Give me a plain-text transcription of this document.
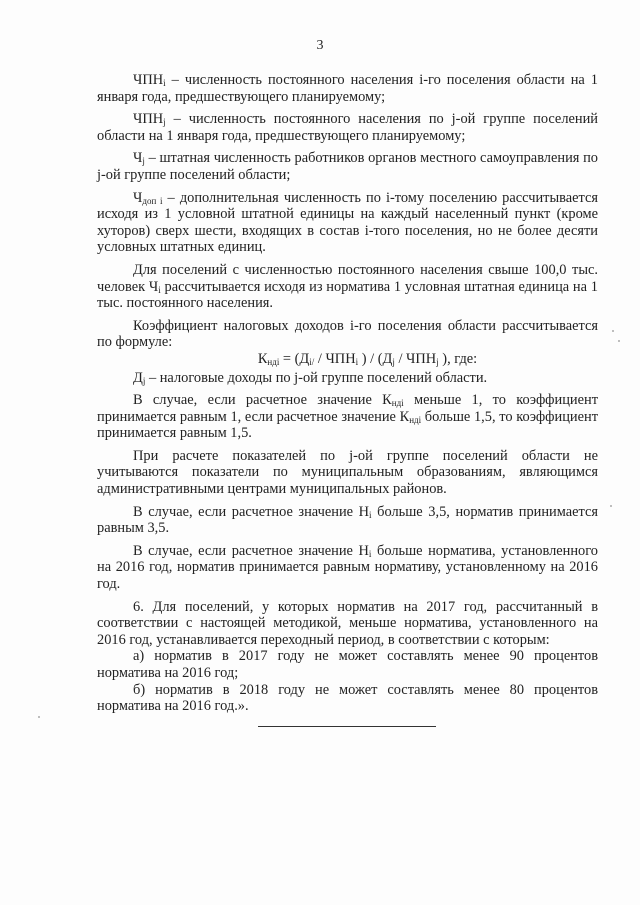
3

$ЧПН_i$ – численность постоянного населения i-го поселения области на 1 января года, предшествующего планируемому;

$ЧПН_j$ – численность постоянного населения по j-ой группе поселений области на 1 января года, предшествующего планируемому;

$Ч_j$ – штатная численность работников органов местного самоуправления по j-ой группе поселений области;

$Ч_{доп i}$ – дополнительная численность по i-тому поселению рассчитывается исходя из 1 условной штатной единицы на каждый населенный пункт (кроме хуторов) сверх шести, входящих в состав i-того поселения, но не более десяти условных штатных единиц.

Для поселений с численностью постоянного населения свыше 100,0 тыс. человек $Ч_i$ рассчитывается исходя из норматива 1 условная штатная единица на 1 тыс. постоянного населения.

Коэффициент налоговых доходов i-го поселения области рассчитывается по формуле:

$К_{ндi} = (Д_{i/} / ЧПН_i$ ) / ($Д_j / ЧПН_j$ ), где:

$Д_j$ – налоговые доходы по j-ой группе поселений области.

В случае, если расчетное значение $К_{ндi}$ меньше 1, то коэффициент принимается равным 1, если расчетное значение $К_{ндi}$ больше 1,5, то коэффициент принимается равным 1,5.

При расчете показателей по j-ой группе поселений области не учитываются показатели по муниципальным образованиям, являющимся административными центрами муниципальных районов.

В случае, если расчетное значение $Н_i$ больше 3,5, норматив принимается равным 3,5.

В случае, если расчетное значение $Н_i$ больше норматива, установленного на 2016 год, норматив принимается равным нормативу, установленному на 2016 год.

6. Для поселений, у которых норматив на 2017 год, рассчитанный в соответствии с настоящей методикой, меньше норматива, установленного на 2016 год, устанавливается переходный период, в соответствии с которым:

а) норматив в 2017 году не может составлять менее 90 процентов норматива на 2016 год;

б) норматив в 2018 году не может составлять менее 80 процентов норматива на 2016 год.».
